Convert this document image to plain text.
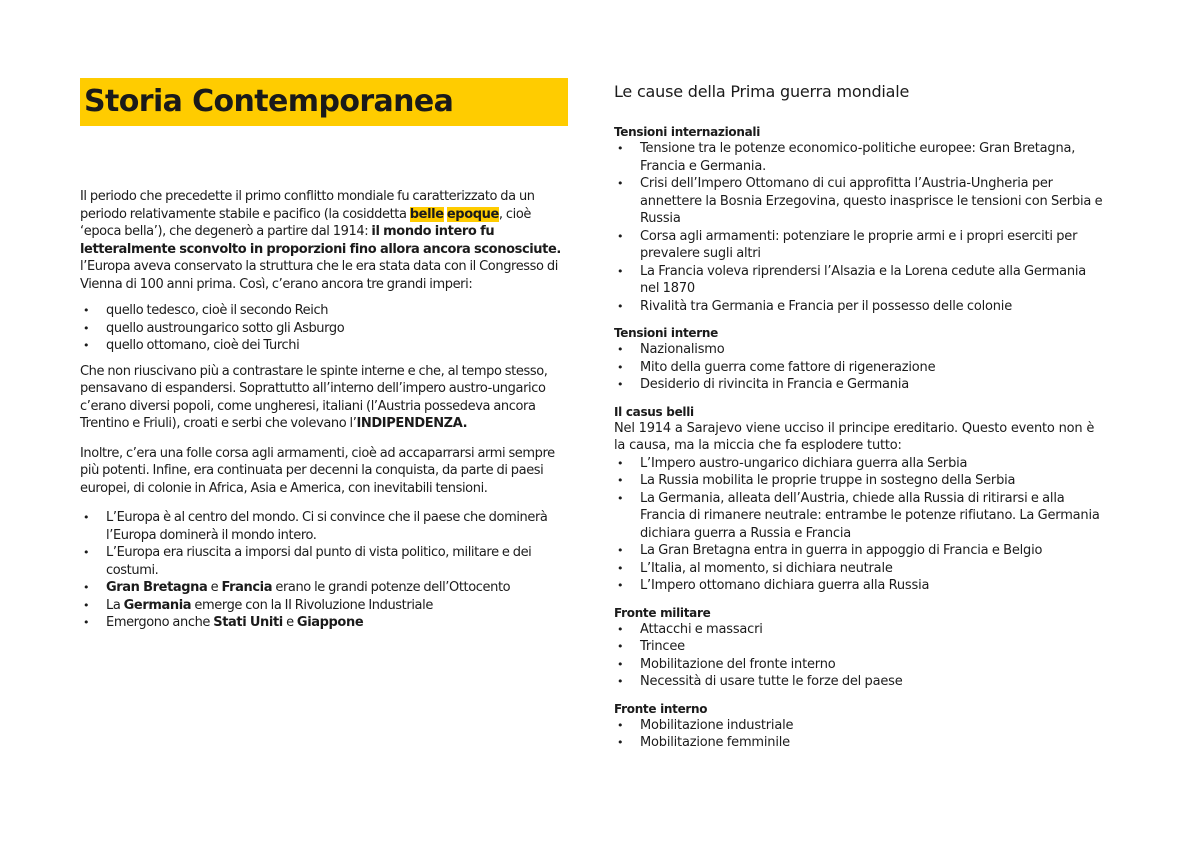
Storia Contemporanea

Il periodo che precedette il primo conflitto mondiale fu caratterizzato da un periodo relativamente stabile e pacifico (la cosiddetta belle epoque, cioè ‘epoca bella’), che degenerò a partire dal 1914: il mondo intero fu letteralmente sconvolto in proporzioni fino allora ancora sconosciute. l’Europa aveva conservato la struttura che le era stata data con il Congresso di Vienna di 100 anni prima. Così, c’erano ancora tre grandi imperi:

• quello tedesco, cioè il secondo Reich
• quello austroungarico sotto gli Asburgo
• quello ottomano, cioè dei Turchi

Che non riuscivano più a contrastare le spinte interne e che, al tempo stesso, pensavano di espandersi. Soprattutto all’interno dell’impero austro-ungarico c’erano diversi popoli, come ungheresi, italiani (l’Austria possedeva ancora Trentino e Friuli), croati e serbi che volevano l’INDIPENDENZA.

Inoltre, c’era una folle corsa agli armamenti, cioè ad accaparrarsi armi sempre più potenti. Infine, era continuata per decenni la conquista, da parte di paesi europei, di colonie in Africa, Asia e America, con inevitabili tensioni.

• L’Europa è al centro del mondo. Ci si convince che il paese che dominerà l’Europa dominerà il mondo intero.
• L’Europa era riuscita a imporsi dal punto di vista politico, militare e dei costumi.
• Gran Bretagna e Francia erano le grandi potenze dell’Ottocento
• La Germania emerge con la II Rivoluzione Industriale
• Emergono anche Stati Uniti e Giappone
Le cause della Prima guerra mondiale

Tensioni internazionali

• Tensione tra le potenze economico-politiche europee: Gran Bretagna, Francia e Germania.
• Crisi dell’Impero Ottomano di cui approfitta l’Austria-Ungheria per annettere la Bosnia Erzegovina, questo inasprisce le tensioni con Serbia e Russia
• Corsa agli armamenti: potenziare le proprie armi e i propri eserciti per prevalere sugli altri
• La Francia voleva riprendersi l’Alsazia e la Lorena cedute alla Germania nel 1870
• Rivalità tra Germania e Francia per il possesso delle colonie

Tensioni interne

• Nazionalismo
• Mito della guerra come fattore di rigenerazione
• Desiderio di rivincita in Francia e Germania

Il casus belli

Nel 1914 a Sarajevo viene ucciso il principe ereditario. Questo evento non è la causa, ma la miccia che fa esplodere tutto:

• L’Impero austro-ungarico dichiara guerra alla Serbia
• La Russia mobilita le proprie truppe in sostegno della Serbia
• La Germania, alleata dell’Austria, chiede alla Russia di ritirarsi e alla Francia di rimanere neutrale: entrambe le potenze rifiutano. La Germania dichiara guerra a Russia e Francia
• La Gran Bretagna entra in guerra in appoggio di Francia e Belgio
• L’Italia, al momento, si dichiara neutrale
• L’Impero ottomano dichiara guerra alla Russia

Fronte militare

• Attacchi e massacri
• Trincee
• Mobilitazione del fronte interno
• Necessità di usare tutte le forze del paese

Fronte interno

• Mobilitazione industriale
• Mobilitazione femminile
